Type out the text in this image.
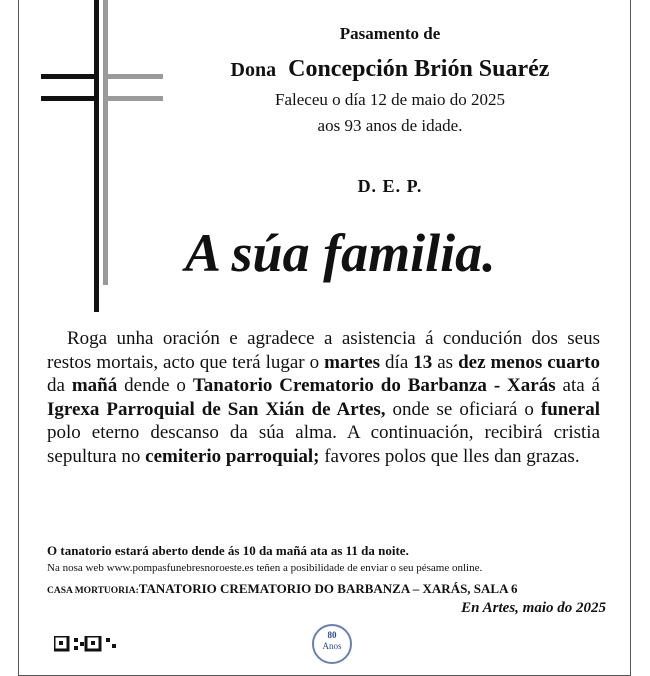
Pasamento de
Dona Concepción Brión Suaréz
Faleceu o día 12 de maio do 2025
aos 93 anos de idade.
D. E. P.
A súa familia.

Roga unha oración e agradece a asistencia á condución dos seus restos mortais, acto que terá lugar o martes día 13 as dez menos cuarto da mañá dende o Tanatorio Crematorio do Barbanza - Xarás ata á Igrexa Parroquial de San Xián de Artes, onde se oficiará o funeral polo eterno descanso da súa alma. A continuación, recibirá cristia sepultura no cemiterio parroquial; favores polos que lles dan grazas.

O tanatorio estará aberto dende ás 10 da mañá ata as 11 da noite.
Na nosa web www.pompasfunebresnoroeste.es teñen a posibilidade de enviar o seu pésame online.
CASA MORTUORIA:TANATORIO CREMATORIO DO BARBANZA – XARÁS, SALA 6
En Artes, maio do 2025
80
Anos
